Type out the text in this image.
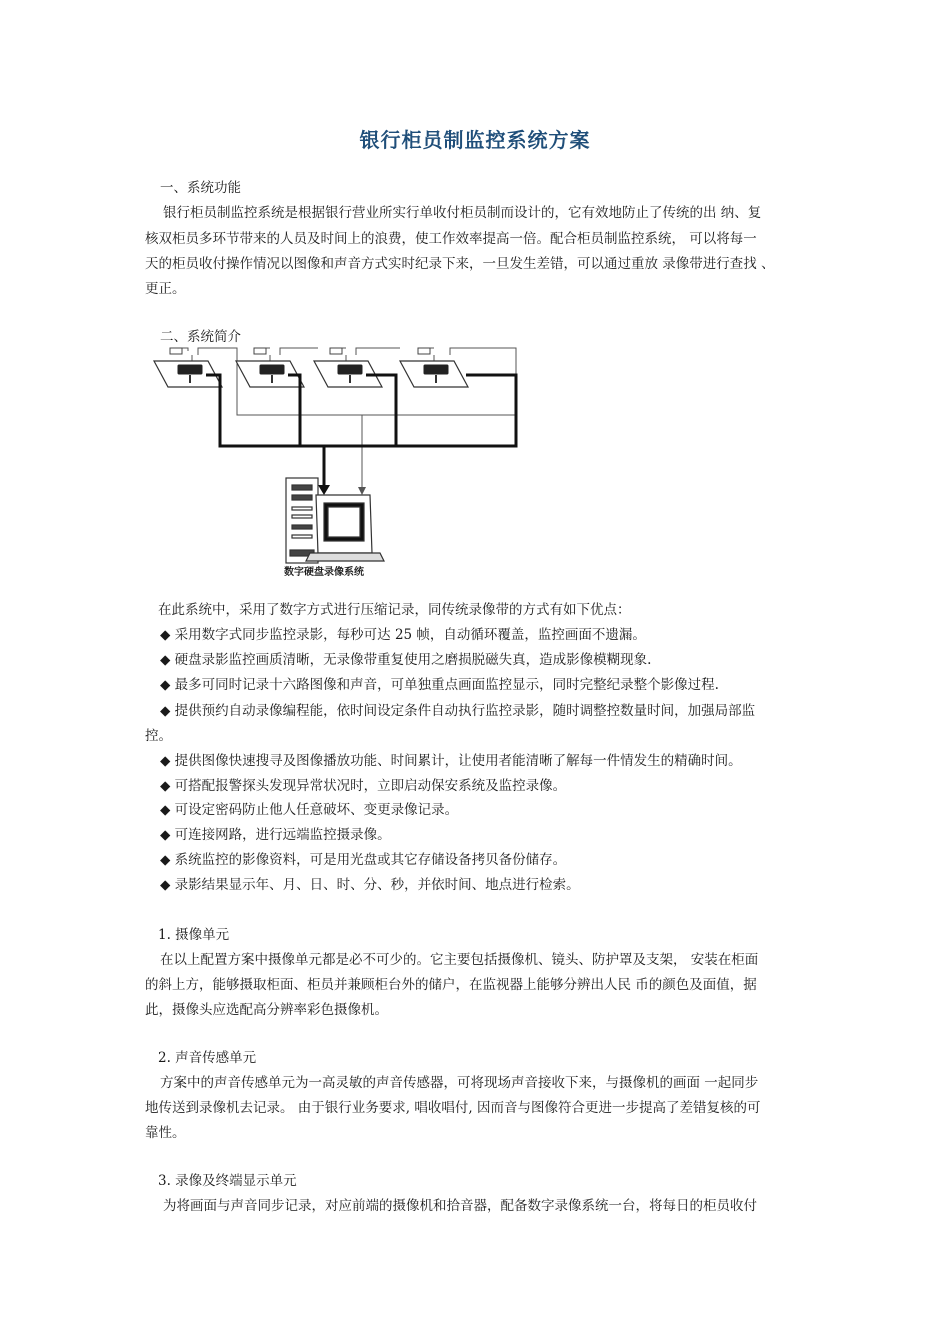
银行柜员制监控系统方案
一、系统功能
银行柜员制监控系统是根据银行营业所实行单收付柜员制而设计的，它有效地防止了传统的出 纳、复
核双柜员多环节带来的人员及时间上的浪费，使工作效率提高一倍。配合柜员制监控系统， 可以将每一
天的柜员收付操作情况以图像和声音方式实时纪录下来，一旦发生差错，可以通过重放 录像带进行查找 、
更正。
二、系统简介
数字硬盘录像系统
在此系统中，采用了数字方式进行压缩记录，同传统录像带的方式有如下优点：
◆ 采用数字式同步监控录影，每秒可达 25 帧，自动循环覆盖，监控画面不遗漏。
◆ 硬盘录影监控画质清晰，无录像带重复使用之磨损脱磁失真，造成影像模糊现象.
◆ 最多可同时记录十六路图像和声音，可单独重点画面监控显示，同时完整纪录整个影像过程.
◆ 提供预约自动录像编程能，依时间设定条件自动执行监控录影，随时调整控数量时间，加强局部监
控。
◆ 提供图像快速搜寻及图像播放功能、时间累计，让使用者能清晰了解每一件情发生的精确时间。
◆ 可搭配报警探头发现异常状况时，立即启动保安系统及监控录像。
◆ 可设定密码防止他人任意破坏、变更录像记录。
◆ 可连接网路，进行远端监控摄录像。
◆ 系统监控的影像资料，可是用光盘或其它存储设备拷贝备份储存。
◆ 录影结果显示年、月、日、时、分、秒，并依时间、地点进行检索。
1. 摄像单元
在以上配置方案中摄像单元都是必不可少的。它主要包括摄像机、镜头、防护罩及支架， 安装在柜面
的斜上方，能够摄取柜面、柜员并兼顾柜台外的储户，在监视器上能够分辨出人民 币的颜色及面值，据
此，摄像头应选配高分辨率彩色摄像机。
2. 声音传感单元
方案中的声音传感单元为一高灵敏的声音传感器，可将现场声音接收下来，与摄像机的画面 一起同步
地传送到录像机去记录。 由于银行业务要求, 唱收唱付, 因而音与图像符合更进一步提高了差错复核的可
靠性。
3. 录像及终端显示单元
为将画面与声音同步记录，对应前端的摄像机和拾音器，配备数字录像系统一台，将每日的柜员收付
